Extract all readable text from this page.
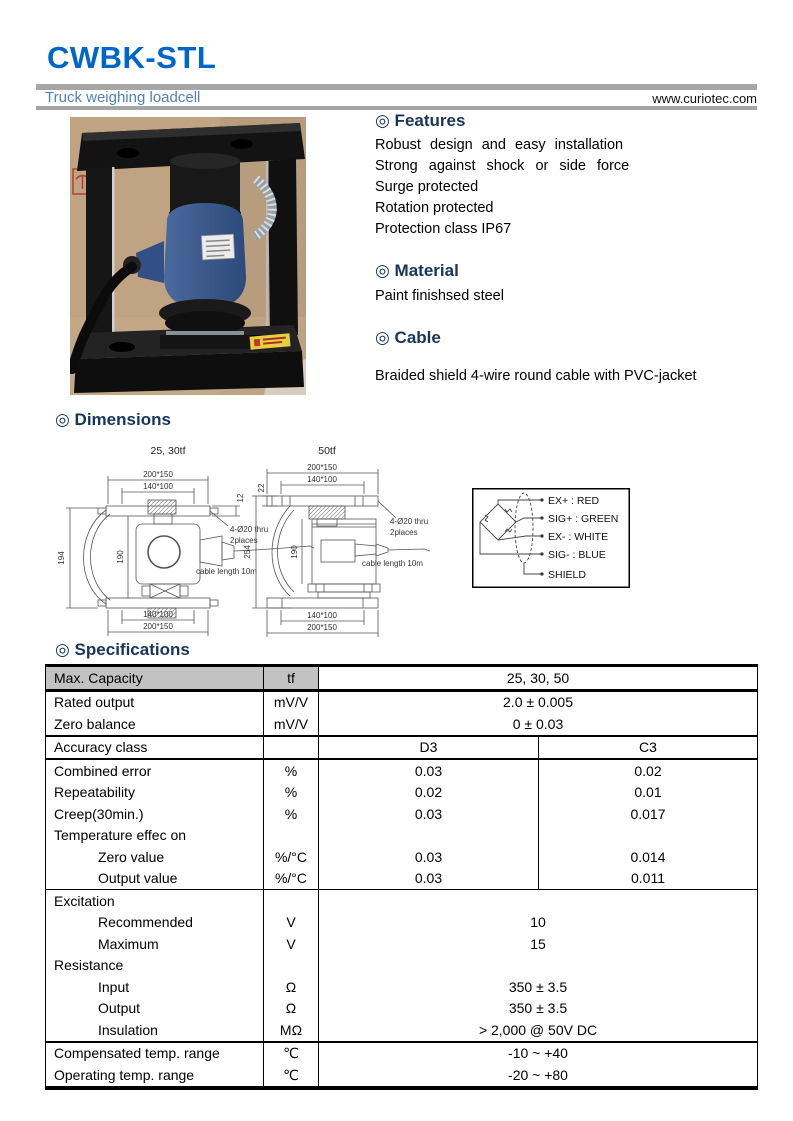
CWBK-STL
Truck weighing loadcell	www.curiotec.com
◎ Features
Robust design and easy installation
Strong against shock or side force
Surge protected
Rotation protected
Protection class IP67
◎ Material
Paint finishsed steel
◎ Cable
Braided shield 4-wire round cable with PVC-jacket
◎ Dimensions
25, 30tf
200*150
140*100
12
194	190
4-Ø20 thru
2places
cable length 10m
140*100
200*150
50tf
200*150
140*100
22
254	190
4-Ø20 thru
2places
cable length 10m
140*100
200*150
EX+ : RED
SIG+ : GREEN
EX- : WHITE
SIG- : BLUE
SHIELD
◎ Specifications
Max. Capacity	tf	25, 30, 50	
Rated output	mV/V	2.0 ± 0.005	
Zero balance	mV/V	0 ± 0.03	
Accuracy class		D3	C3
Combined error	%	0.03	0.02
Repeatability	%	0.02	0.01
Creep(30min.)	%	0.03	0.017
Temperature effec on			
Zero value	%/°C	0.03	0.014
Output value	%/°C	0.03	0.011
Excitation			
Recommended	V	10	
Maximum	V	15	
Resistance			
Input	Ω	350 ± 3.5	
Output	Ω	350 ± 3.5	
Insulation	MΩ	> 2,000 @ 50V DC	
Compensated temp. range	℃	-10 ~ +40	
Operating temp. range	℃	-20 ~ +80	
